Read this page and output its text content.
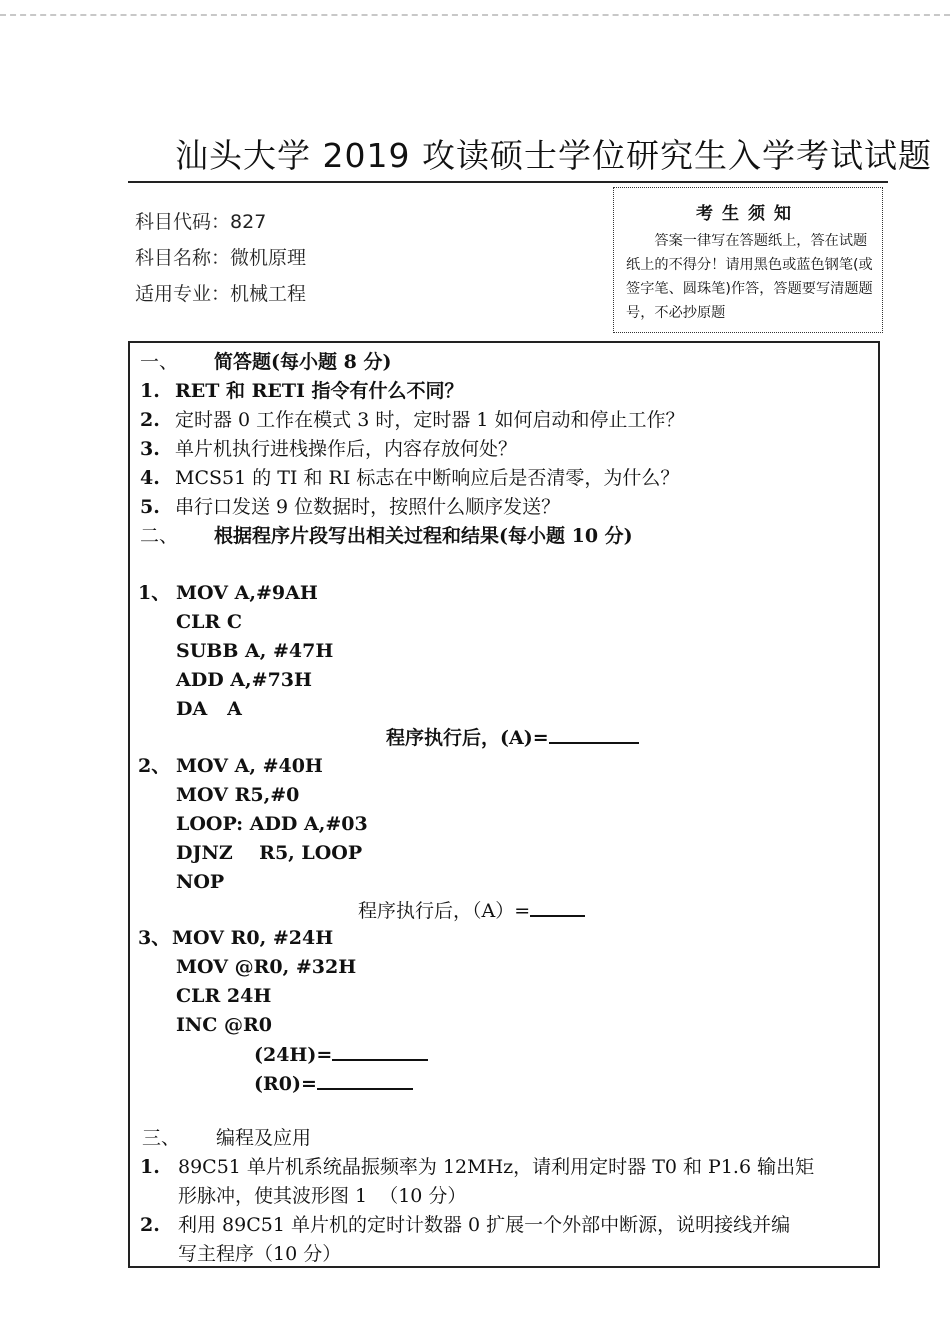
汕头大学 2019 攻读硕士学位研究生入学考试试题
科目代码：827
科目名称：微机原理
适用专业：机械工程
考生须知
答案一律写在答题纸上，答在试题纸上的不得分！请用黑色或蓝色钢笔(或签字笔、圆珠笔)作答，答题要写清题题号，不必抄原题
一、 简答题(每小题 8 分)
1. RET 和 RETI 指令有什么不同？
2. 定时器 0 工作在模式 3 时，定时器 1 如何启动和停止工作？
3. 单片机执行进栈操作后，内容存放何处？
4. MCS51 的 TI 和 RI 标志在中断响应后是否清零，为什么？
5. 串行口发送 9 位数据时，按照什么顺序发送？
二、 根据程序片段写出相关过程和结果(每小题 10 分)
1、 MOV A,#9AH
CLR C
SUBB A, #47H
ADD A,#73H
DA   A
程序执行后，(A)=
2、 MOV A, #40H
MOV R5,#0
LOOP: ADD A,#03
DJNZ    R5, LOOP
NOP
程序执行后，（A）=
3、 MOV R0, #24H
MOV @R0, #32H
CLR 24H
INC @R0
(24H)=
(R0)=
三、 编程及应用
1. 89C51 单片机系统晶振频率为 12MHz，请利用定时器 T0 和 P1.6 输出矩
形脉冲，使其波形图 1  （10 分）
2. 利用 89C51 单片机的定时计数器 0 扩展一个外部中断源，说明接线并编
写主程序（10 分）
